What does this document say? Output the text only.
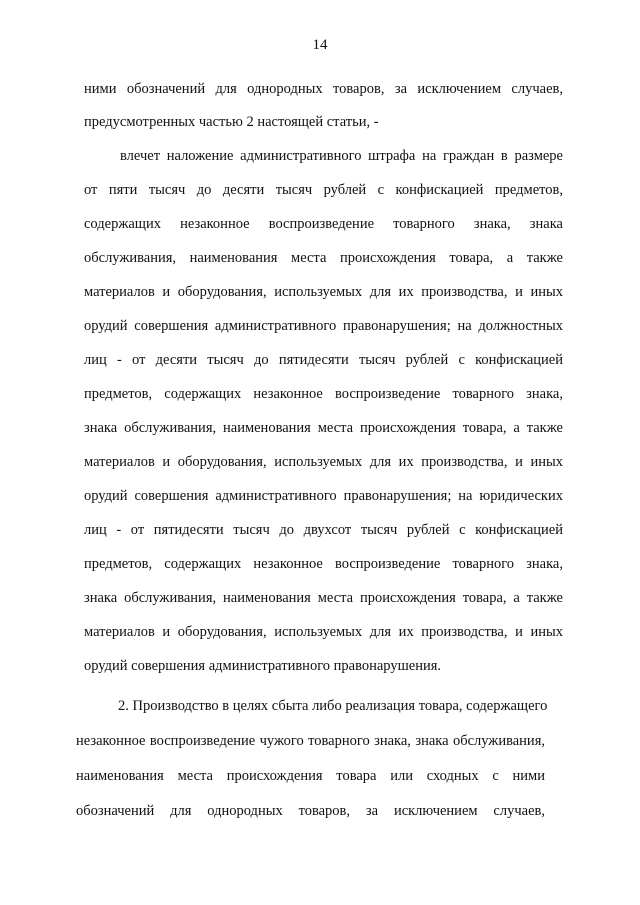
14
ними обозначений для однородных товаров, за исключением случаев,
предусмотренных частью 2 настоящей статьи, -
влечет наложение административного штрафа на граждан в размере
от пяти тысяч до десяти тысяч рублей с конфискацией предметов,
содержащих незаконное воспроизведение товарного знака, знака
обслуживания, наименования места происхождения товара, а также
материалов и оборудования, используемых для их производства, и иных
орудий совершения административного правонарушения; на должностных
лиц - от десяти тысяч до пятидесяти тысяч рублей с конфискацией
предметов, содержащих незаконное воспроизведение товарного знака,
знака обслуживания, наименования места происхождения товара, а также
материалов и оборудования, используемых для их производства, и иных
орудий совершения административного правонарушения; на юридических
лиц - от пятидесяти тысяч до двухсот тысяч рублей с конфискацией
предметов, содержащих незаконное воспроизведение товарного знака,
знака обслуживания, наименования места происхождения товара, а также
материалов и оборудования, используемых для их производства, и иных
орудий совершения административного правонарушения.
2. Производство в целях сбыта либо реализация товара, содержащего
незаконное воспроизведение чужого товарного знака, знака обслуживания,
наименования места происхождения товара или сходных с ними
обозначений для однородных товаров, за исключением случаев,
